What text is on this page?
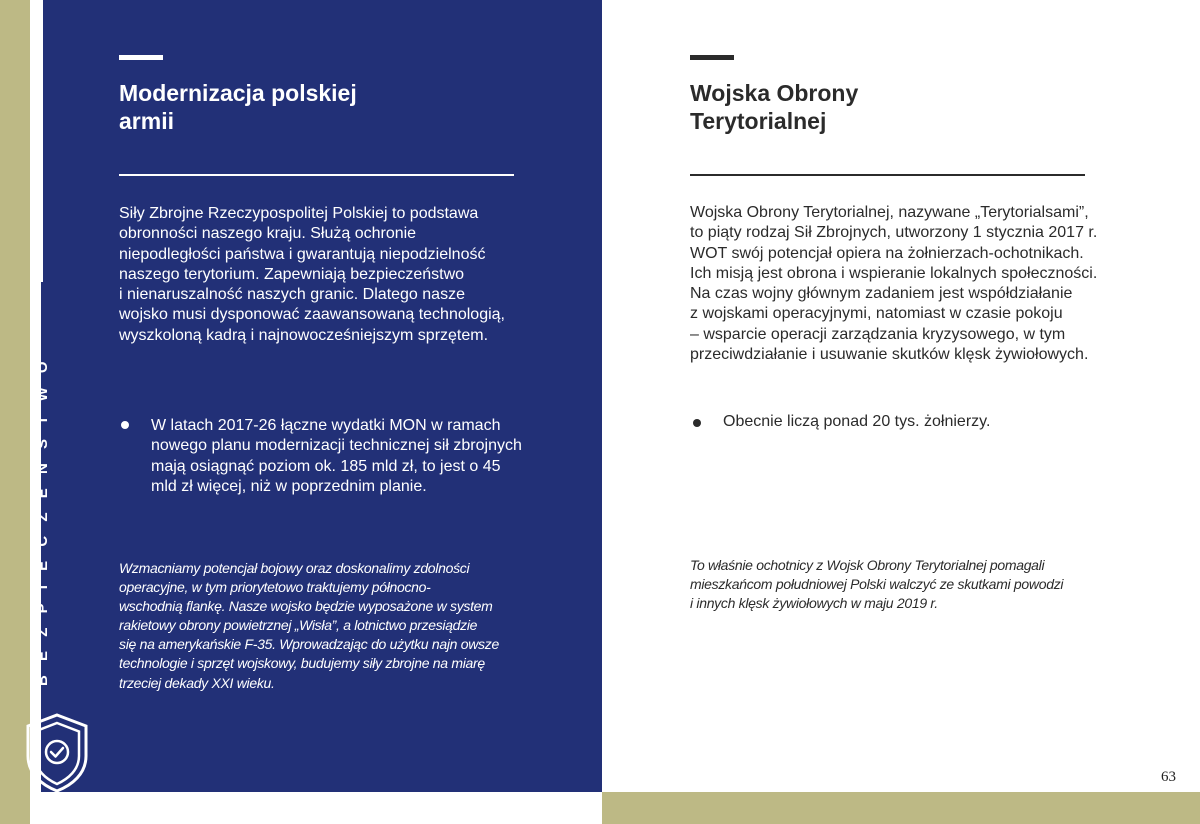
BEZPIECZEŃSTWO
Modernizacja polskiej
armii

Siły Zbrojne Rzeczypospolitej Polskiej to podstawa
obronności naszego kraju. Służą ochronie
niepodległości państwa i gwarantują niepodzielność
naszego terytorium. Zapewniają bezpieczeństwo
i nienaruszalność naszych granic. Dlatego nasze
wojsko musi dysponować zaawansowaną technologią,
wyszkoloną kadrą i najnowocześniejszym sprzętem.

W latach 2017-26 łączne wydatki MON w ramach
nowego planu modernizacji technicznej sił zbrojnych
mają osiągnąć poziom ok. 185 mld zł, to jest o 45
mld zł więcej, niż w poprzednim planie.

Wzmacniamy potencjał bojowy oraz doskonalimy zdolności
operacyjne, w tym priorytetowo traktujemy północno-
wschodnią flankę. Nasze wojsko będzie wyposażone w system
rakietowy obrony powietrznej „Wisła”, a lotnictwo przesiądzie
się na amerykańskie F-35. Wprowadzając do użytku najn owsze
technologie i sprzęt wojskowy, budujemy siły zbrojne na miarę
trzeciej dekady XXI wieku.

Wojska Obrony
Terytorialnej

Wojska Obrony Terytorialnej, nazywane „Terytorialsami”,
to piąty rodzaj Sił Zbrojnych, utworzony 1 stycznia 2017 r.
WOT swój potencjał opiera na żołnierzach-ochotnikach.
Ich misją jest obrona i wspieranie lokalnych społeczności.
Na czas wojny głównym zadaniem jest współdziałanie
z wojskami operacyjnymi, natomiast w czasie pokoju
– wsparcie operacji zarządzania kryzysowego, w tym
przeciwdziałanie i usuwanie skutków klęsk żywiołowych.

Obecnie liczą ponad 20 tys. żołnierzy.

To właśnie ochotnicy z Wojsk Obrony Terytorialnej pomagali
mieszkańcom południowej Polski walczyć ze skutkami powodzi
i innych klęsk żywiołowych w maju 2019 r.

63
